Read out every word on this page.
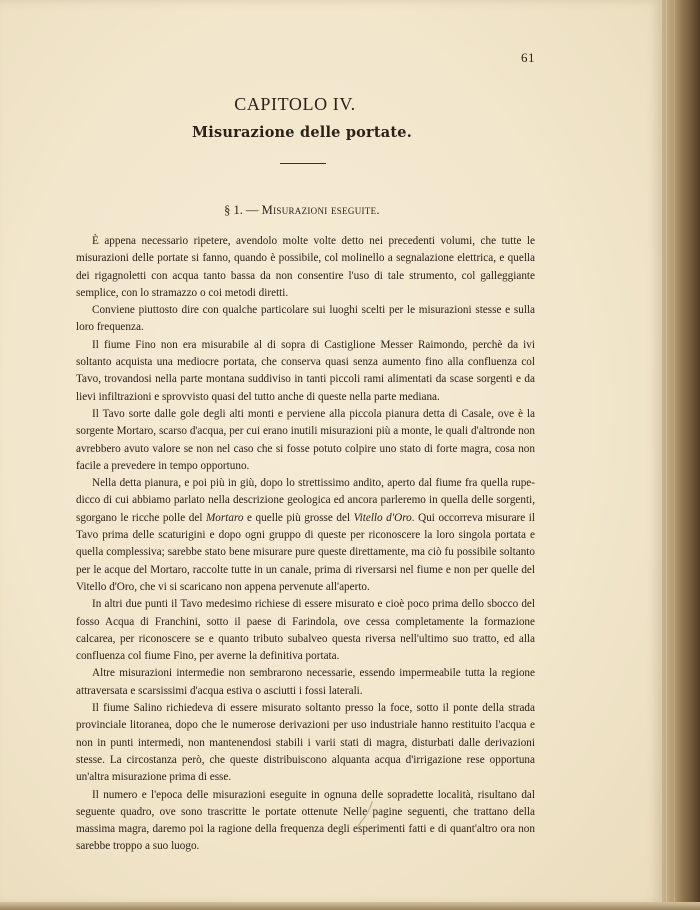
61
CAPITOLO IV.
Misurazione delle portate.
§ 1. — Misurazioni eseguite.

È appena necessario ripetere, avendolo molte volte detto nei precedenti volumi, che tutte le misurazioni delle portate si fanno, quando è possibile, col molinello a segnalazione elettrica, e quella dei rigagnoletti con acqua tanto bassa da non consentire l'uso di tale strumento, col galleggiante semplice, con lo stramazzo o coi metodi diretti.

Conviene piuttosto dire con qualche particolare sui luoghi scelti per le misurazioni stesse e sulla loro frequenza.

Il fiume Fino non era misurabile al di sopra di Castiglione Messer Raimondo, perchè da ivi soltanto acquista una mediocre portata, che conserva quasi senza aumento fino alla confluenza col Tavo, trovandosi nella parte montana suddiviso in tanti piccoli rami alimentati da scase sorgenti e da lievi infiltrazioni e sprovvisto quasi del tutto anche di queste nella parte mediana.

Il Tavo sorte dalle gole degli alti monti e perviene alla piccola pianura detta di Casale, ove è la sorgente Mortaro, scarso d'acqua, per cui erano inutili misurazioni più a monte, le quali d'altronde non avrebbero avuto valore se non nel caso che si fosse potuto colpire uno stato di forte magra, cosa non facile a prevedere in tempo opportuno.

Nella detta pianura, e poi più in giù, dopo lo strettissimo andito, aperto dal fiume fra quella rupe-dicco di cui abbiamo parlato nella descrizione geologica ed ancora parleremo in quella delle sorgenti, sgorgano le ricche polle del Mortaro e quelle più grosse del Vitello d'Oro. Qui occorreva misurare il Tavo prima delle scaturigini e dopo ogni gruppo di queste per riconoscere la loro singola portata e quella complessiva; sarebbe stato bene misurare pure queste direttamente, ma ciò fu possibile soltanto per le acque del Mortaro, raccolte tutte in un canale, prima di riversarsi nel fiume e non per quelle del Vitello d'Oro, che vi si scaricano non appena pervenute all'aperto.

In altri due punti il Tavo medesimo richiese di essere misurato e cioè poco prima dello sbocco del fosso Acqua di Franchini, sotto il paese di Farindola, ove cessa completamente la formazione calcarea, per riconoscere se e quanto tributo subalveo questa riversa nell'ultimo suo tratto, ed alla confluenza col fiume Fino, per averne la definitiva portata.

Altre misurazioni intermedie non sembrarono necessarie, essendo impermeabile tutta la regione attraversata e scarsissimi d'acqua estiva o asciutti i fossi laterali.

Il fiume Salino richiedeva di essere misurato soltanto presso la foce, sotto il ponte della strada provinciale litoranea, dopo che le numerose derivazioni per uso industriale hanno restituito l'acqua e non in punti intermedi, non mantenendosi stabili i varii stati di magra, disturbati dalle derivazioni stesse. La circostanza però, che queste distribuiscono alquanta acqua d'irrigazione rese opportuna un'altra misurazione prima di esse.

Il numero e l'epoca delle misurazioni eseguite in ognuna delle sopradette località, risultano dal seguente quadro, ove sono trascritte le portate ottenute Nelle pagine seguenti, che trattano della massima magra, daremo poi la ragione della frequenza degli esperimenti fatti e di quant'altro ora non sarebbe troppo a suo luogo.
